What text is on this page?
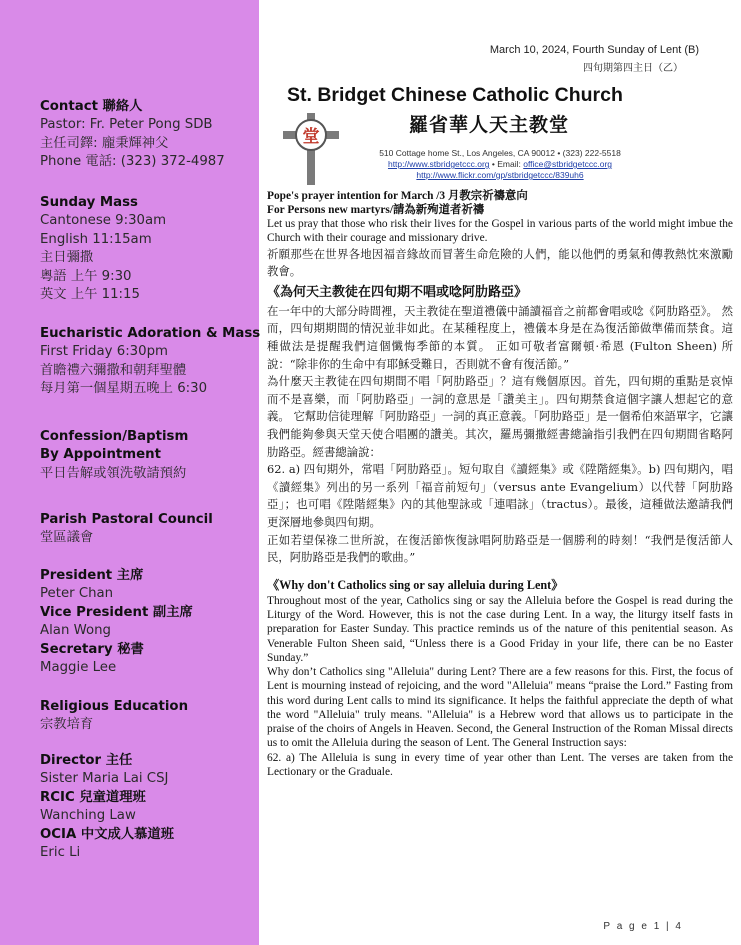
Contact 聯絡人
Pastor: Fr. Peter Pong SDB
主任司鐸: 龐秉輝神父
Phone 電話: (323) 372-4987
Sunday Mass
Cantonese 9:30am
English 11:15am
主日彌撒
粵語 上午 9:30
英文 上午 11:15
Eucharistic Adoration & Mass
First Friday 6:30pm
首瞻禮六彌撒和朝拜聖體
每月第一個星期五晚上 6:30
Confession/Baptism
By Appointment
平日告解或領洗敬請預約
Parish Pastoral Council
堂區議會
President 主席
Peter Chan
Vice President 副主席
Alan Wong
Secretary 秘書
Maggie Lee
Religious Education
宗教培育
Director 主任
Sister Maria Lai CSJ
RCIC 兒童道理班
Wanching Law
OCIA 中文成人慕道班
Eric Li
March 10, 2024, Fourth Sunday of Lent (B)
四旬期第四主日（乙）
St. Bridget Chinese Catholic Church
羅省華人天主教堂
堂
510 Cottage home St., Los Angeles, CA 90012 • (323) 222-5518
http://www.stbridgetccc.org • Email: office@stbridgetccc.org
http://www.flickr.com/gp/stbridgetccc/839uh6

Pope's prayer intention for March /3 月教宗祈禱意向

For Persons new martyrs/請為新殉道者祈禱

Let us pray that those who risk their lives for the Gospel in various parts of the world might imbue the Church with their courage and missionary drive.

祈願那些在世界各地因福音緣故而冒著生命危險的人們，能以他們的勇氣和傳教熱忱來激勵教會。

《為何天主教徒在四旬期不唱或唸阿肋路亞》

在一年中的大部分時間裡，天主教徒在聖道禮儀中誦讀福音之前都會唱或唸《阿肋路亞》。 然而，四旬期期間的情況並非如此。在某種程度上，禮儀本身是在為復活節做準備而禁食。這種做法是提醒我們這個懺悔季節的本質。 正如可敬者富爾頓·希恩 (Fulton Sheen) 所說：“除非你的生命中有耶穌受難日，否則就不會有復活節。”

為什麼天主教徒在四旬期間不唱「阿肋路亞」？這有幾個原因。首先，四旬期的重點是哀悼而不是喜樂，而「阿肋路亞」一詞的意思是「讚美主」。四旬期禁食這個字讓人想起它的意義。 它幫助信徒理解「阿肋路亞」一詞的真正意義。「阿肋路亞」是一個希伯來語單字，它讓我們能夠參與天堂天使合唱團的讚美。其次，羅馬彌撒經書總論指引我們在四旬期間省略阿肋路亞。經書總論說：

62. a) 四旬期外，常唱「阿肋路亞」。短句取自《讀經集》或《陞階經集》。b) 四旬期內，唱《讀經集》列出的另一系列「福音前短句」（versus ante Evangelium）以代替「阿肋路亞」；也可唱《陞階經集》內的其他聖詠或「連唱詠」（tractus）。最後，這種做法邀請我們更深層地參與四旬期。

正如若望保祿二世所說，在復活節恢復詠唱阿肋路亞是一個勝利的時刻！“我們是復活節人民，阿肋路亞是我們的歌曲。”

《Why don't Catholics sing or say alleluia during Lent》

Throughout most of the year, Catholics sing or say the Alleluia before the Gospel is read during the Liturgy of the Word. However, this is not the case during Lent. In a way, the liturgy itself fasts in preparation for Easter Sunday. This practice reminds us of the nature of this penitential season. As Venerable Fulton Sheen said, “Unless there is a Good Friday in your life, there can be no Easter Sunday.”

Why don’t Catholics sing "Alleluia" during Lent? There are a few reasons for this. First, the focus of Lent is mourning instead of rejoicing, and the word "Alleluia" means “praise the Lord.” Fasting from this word during Lent calls to mind its significance. It helps the faithful appreciate the depth of what the word "Alleluia" truly means. "Alleluia" is a Hebrew word that allows us to participate in the praise of the choirs of Angels in Heaven. Second, the General Instruction of the Roman Missal directs us to omit the Alleluia during the season of Lent. The General Instruction says:

62. a) The Alleluia is sung in every time of year other than Lent. The verses are taken from the Lectionary or the Graduale.

P a g e 1 | 4
